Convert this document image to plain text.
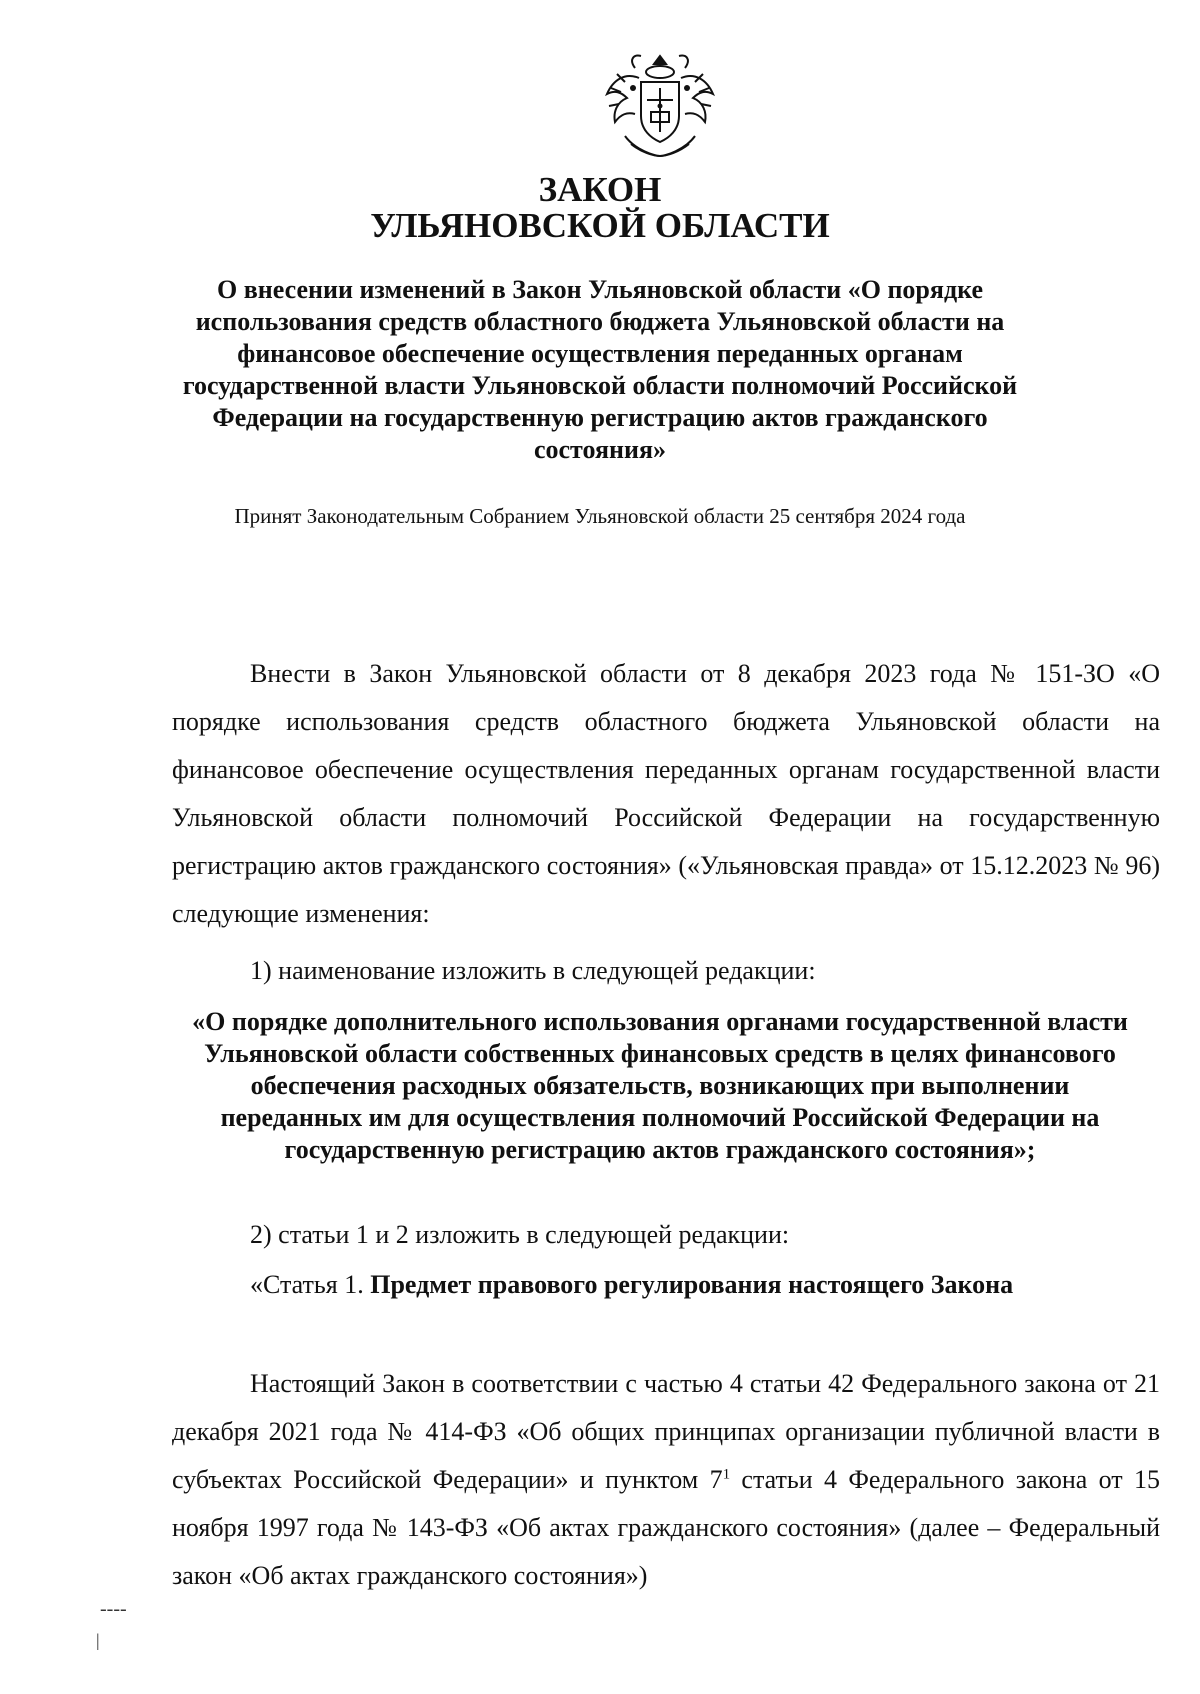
ЗАКОН
УЛЬЯНОВСКОЙ ОБЛАСТИ

О внесении изменений в Закон Ульяновской области «О порядке использования средств областного бюджета Ульяновской области на финансовое обеспечение осуществления переданных органам государственной власти Ульяновской области полномочий Российской Федерации на государственную регистрацию актов гражданского состояния»

Принят Законодательным Собранием Ульяновской области 25 сентября 2024 года

Внести в Закон Ульяновской области от 8 декабря 2023 года № 151-ЗО «О порядке использования средств областного бюджета Ульяновской области на финансовое обеспечение осуществления переданных органам государственной власти Ульяновской области полномочий Российской Федерации на государственную регистрацию актов гражданского состояния» («Ульяновская правда» от 15.12.2023 № 96) следующие изменения:

1) наименование изложить в следующей редакции:

«О порядке дополнительного использования органами государственной власти Ульяновской области собственных финансовых средств в целях финансового обеспечения расходных обязательств, возникающих при выполнении переданных им для осуществления полномочий Российской Федерации на государственную регистрацию актов гражданского состояния»;

2) статьи 1 и 2 изложить в следующей редакции:

«Статья 1. Предмет правового регулирования настоящего Закона

Настоящий Закон в соответствии с частью 4 статьи 42 Федерального закона от 21 декабря 2021 года № 414-ФЗ «Об общих принципах организации публичной власти в субъектах Российской Федерации» и пунктом $7^1$ статьи 4 Федерального закона от 15 ноября 1997 года № 143-ФЗ «Об актах гражданского состояния» (далее – Федеральный закон «Об актах гражданского состояния»)

----
|
